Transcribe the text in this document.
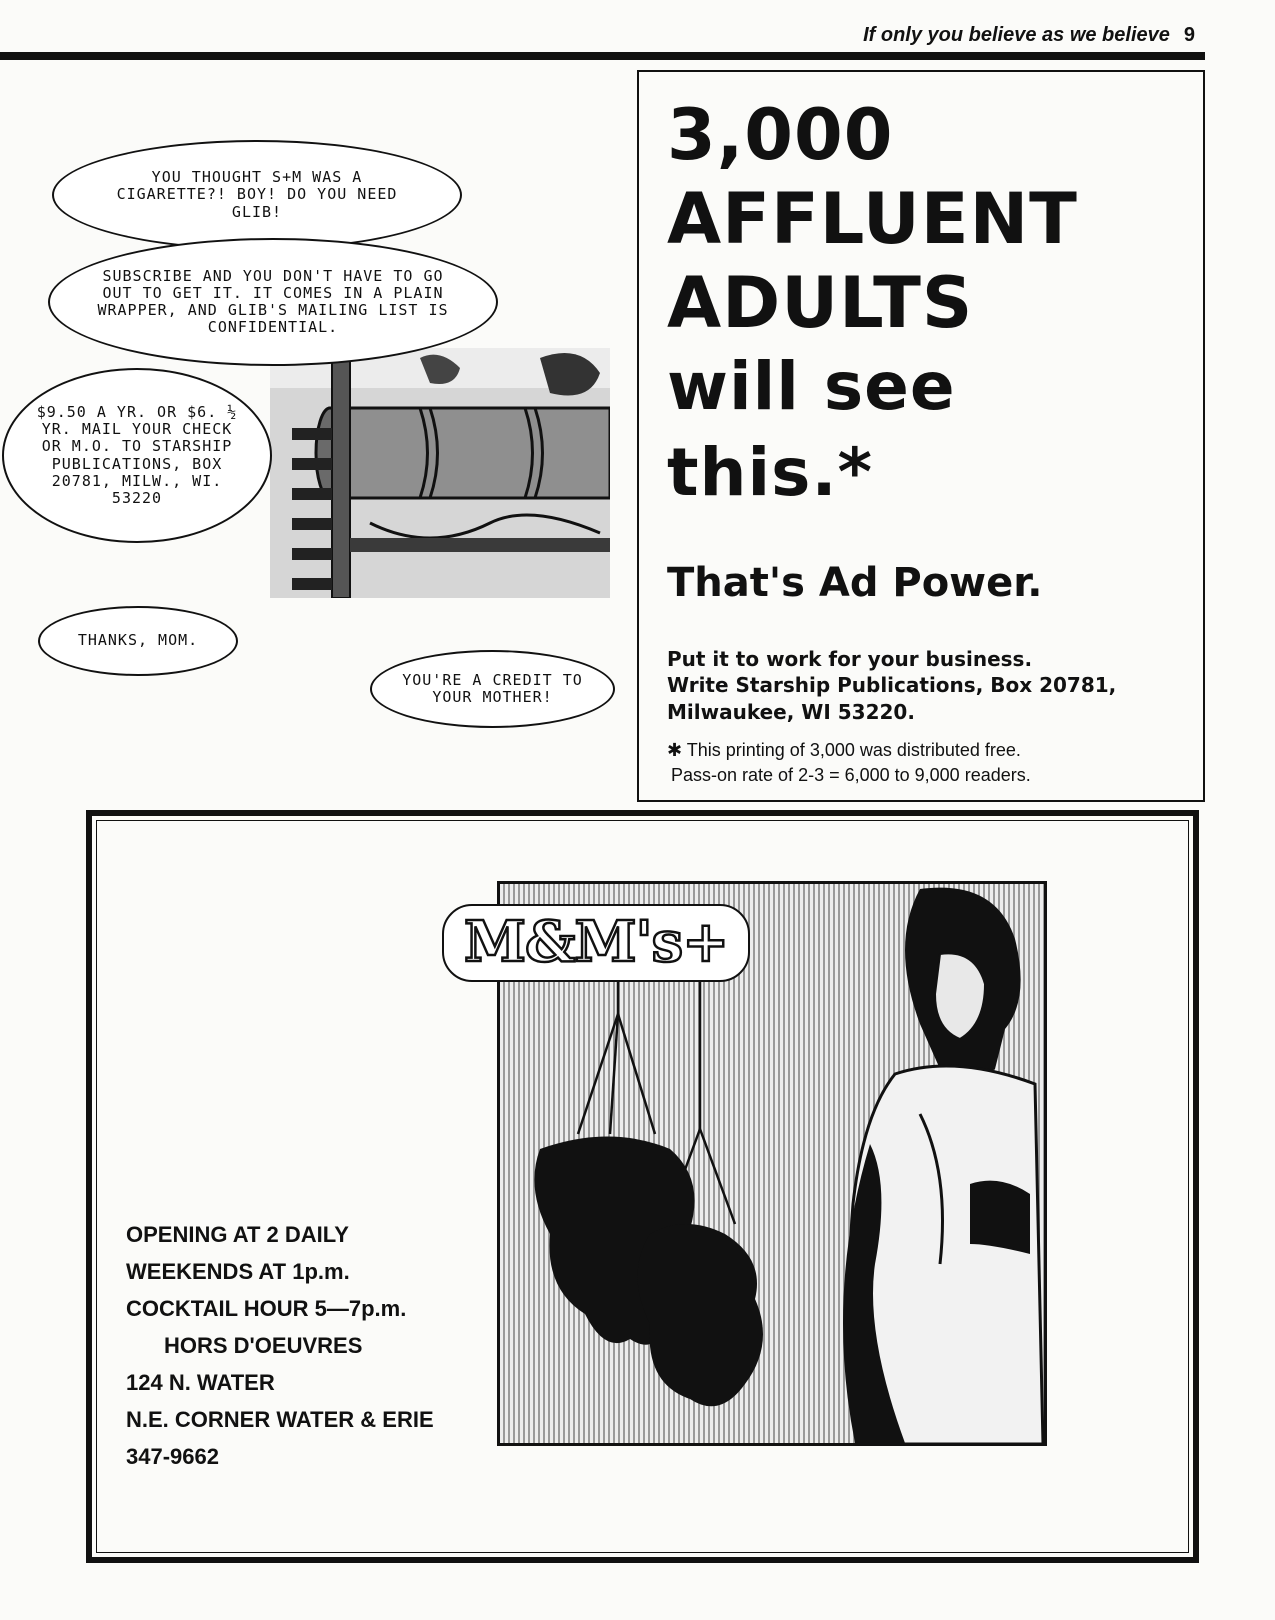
If only you believe as we believe 9
YOU THOUGHT S+M WAS A CIGARETTE?! BOY! DO YOU NEED GLIB!
SUBSCRIBE AND YOU DON'T HAVE TO GO OUT TO GET IT. IT COMES IN A PLAIN WRAPPER, AND GLIB'S MAILING LIST IS CONFIDENTIAL.
$9.50 A YR. OR $6. ½ YR. MAIL YOUR CHECK OR M.O. TO STARSHIP PUBLICATIONS, BOX 20781, MILW., WI. 53220
THANKS, MOM.
YOU'RE A CREDIT TO YOUR MOTHER!
3,000
AFFLUENT
ADULTS
will see
this.*
That's Ad Power.
Put it to work for your business.
Write Starship Publications, Box 20781,
Milwaukee, WI 53220.
✱ This printing of 3,000 was distributed free.
Pass-on rate of 2-3 = 6,000 to 9,000 readers.
M&M's+
OPENING AT 2 DAILY
WEEKENDS AT 1p.m.
COCKTAIL HOUR 5—7p.m.
HORS D'OEUVRES
124 N. WATER
N.E. CORNER WATER & ERIE
347-9662
